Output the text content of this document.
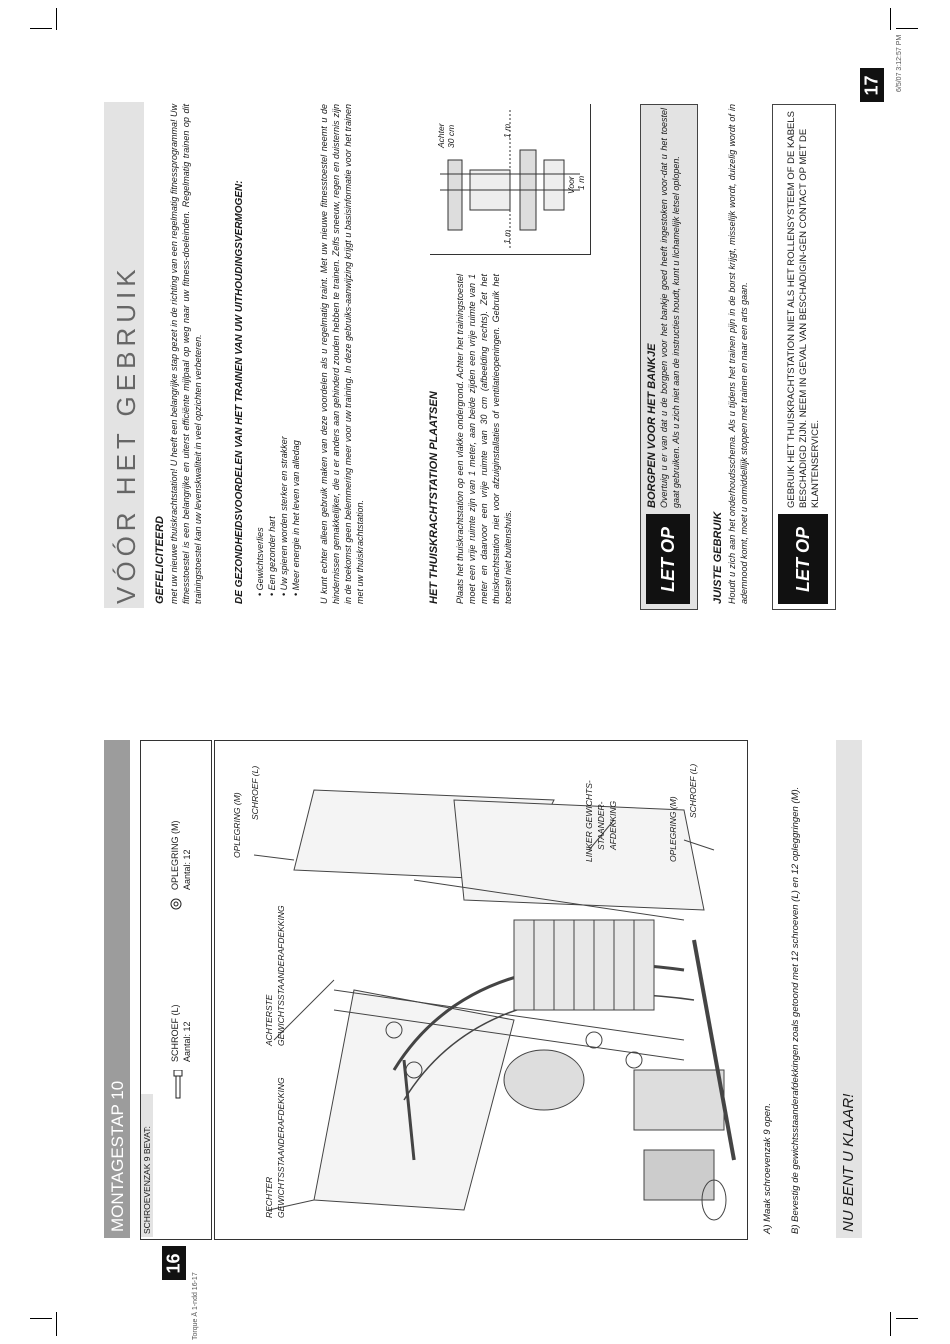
16
Torque Ā 1-ndd 16-17
MONTAGESTAP 10	SCHROEVENZAK 9 BEVAT:
SCHROEF (L) Aantal: 12
OPLEGRING (M) Aantal: 12
RECHTER GEWICHTSSTAANDERAFDEKKING
ACHTERSTE GEWICHTSSTAANDERAFDEKKING
OPLEGRING (M) SCHROEF (L)	LINKER GEWICHTS- STAANDER- AFDEKKING	OPLEGRING (M)
SCHROEF (L)
A) Maak schroevenzak 9 open. B) Bevestig de gewichtsstaanderafdekkingen zoals getoond met 12 schroeven (L) en 12 opleggringen (M).	NU BENT U KLAAR!
17 6/5/07 3:12:57 PM
VÓÓR HET GEBRUIK GEFELICITEERD met uw nieuwe thuiskrachtstation! U heeft een belangrijke stap gezet in de richting van een regelmatig fitnessprogramma! Uw fitnesstoestel is een belangrijke en uiterst efficiënte mijlpaal op weg naar uw fitness-doeleinden. Regelmatig trainen op dit trainingstoestel kan uw levenskwaliteit in veel opzichten verbeteren.	DE GEZONDHEIDSVOORDELEN VAN HET TRAINEN VAN UW UITHOUDINGSVERMOGEN: • Gewichtsverlies • Een gezonder hart • Uw spieren worden sterker en strakker • Meer energie in het leven van alledag U kunt echter alleen gebruik maken van deze voordelen als u regelmatig traint. Met uw nieuwe fitnesstoestel neemt u de hindernissen gemakkelijker, die u er anders aan gehinderd zouden hebben te trainen. Zelfs sneeuw, regen en duisternis zijn in de toekomst geen belemmering meer voor uw training. In deze gebruiks-aanwijzing krijgt u basisinformatie voor het trainen met uw thuiskrachtstation.	HET THUISKRACHTSTATION PLAATSEN Plaats het thuiskrachtstation op een vlakke ondergrond. Achter het trainingstoestel moet een vrije ruimte zijn van 1 meter, aan beide zijden een vrije ruimte van 1 meter en daarvoor een vrije ruimte van 30 cm (afbeelding rechts). Zet het thuiskrachtstation niet voor afzuiginstallaties of ventilatieopeningen. Gebruik het toestel niet buitenshuis.
Achter 30 cm
Voor 1 m
1 m
1 m
LET OP
BORGPEN VOOR HET BANKJE Overtuig u er van dat u de borgpen voor het bankje goed heeft ingestoken voor-dat u het toestel gaat gebruiken. Als u zich niet aan de instructies houdt, kunt u lichamelijk letsel oplopen.
JUISTE GEBRUIK Houdt u zich aan het onderhoudsschema. Als u tijdens het trainen pijn in de borst krijgt, misselijk wordt, duizelig wordt of in ademnood komt, moet u onmiddellijk stoppen met trainen en naar een arts gaan. LET OP
GEBRUIK HET THUISKRACHTSTATION NIET ALS HET ROLLENSYSTEEM OF DE KABELS BESCHADIGD ZIJN. NEEM IN GEVAL VAN BESCHADIGIN-GEN CONTACT OP MET DE KLANTENSERVICE.
